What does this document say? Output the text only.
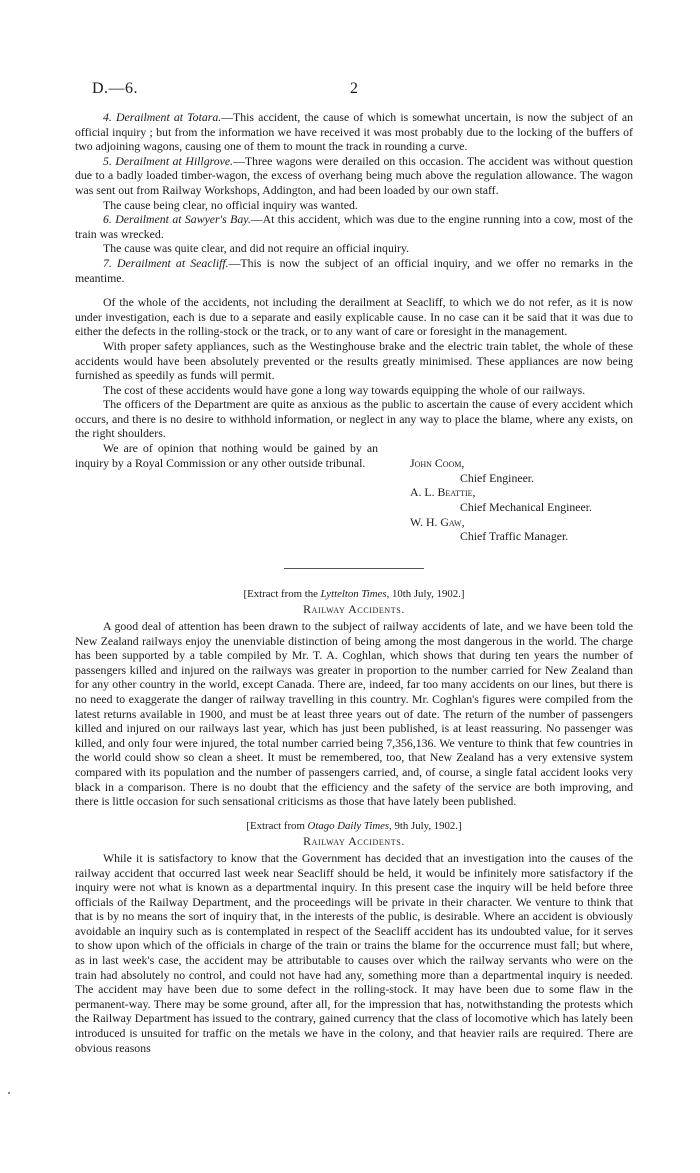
D.—6.	2

4. Derailment at Totara.—This accident, the cause of which is somewhat uncertain, is now the subject of an official inquiry ; but from the information we have received it was most probably due to the locking of the buffers of two adjoining wagons, causing one of them to mount the track in rounding a curve.

5. Derailment at Hillgrove.—Three wagons were derailed on this occasion. The accident was without question due to a badly loaded timber-wagon, the excess of overhang being much above the regulation allowance. The wagon was sent out from Railway Workshops, Addington, and had been loaded by our own staff.

The cause being clear, no official inquiry was wanted.

6. Derailment at Sawyer's Bay.—At this accident, which was due to the engine running into a cow, most of the train was wrecked.

The cause was quite clear, and did not require an official inquiry.

7. Derailment at Seacliff.—This is now the subject of an official inquiry, and we offer no remarks in the meantime.

Of the whole of the accidents, not including the derailment at Seacliff, to which we do not refer, as it is now under investigation, each is due to a separate and easily explicable cause. In no case can it be said that it was due to either the defects in the rolling-stock or the track, or to any want of care or foresight in the management.

With proper safety appliances, such as the Westinghouse brake and the electric train tablet, the whole of these accidents would have been absolutely prevented or the results greatly minimised. These appliances are now being furnished as speedily as funds will permit.

The cost of these accidents would have gone a long way towards equipping the whole of our railways.

The officers of the Department are quite as anxious as the public to ascertain the cause of every accident which occurs, and there is no desire to withhold information, or neglect in any way to place the blame, where any exists, on the right shoulders.

We are of opinion that nothing would be gained by an inquiry by a Royal Commission or any other outside tribunal.	John Coom,

Chief Engineer.

A. L. Beattie,

Chief Mechanical Engineer.

W. H. Gaw,

Chief Traffic Manager.

[Extract from the Lyttelton Times, 10th July, 1902.]

Railway Accidents.

A good deal of attention has been drawn to the subject of railway accidents of late, and we have been told the New Zealand railways enjoy the unenviable distinction of being among the most dangerous in the world. The charge has been supported by a table compiled by Mr. T. A. Coghlan, which shows that during ten years the number of passengers killed and injured on the railways was greater in proportion to the number carried for New Zealand than for any other country in the world, except Canada. There are, indeed, far too many accidents on our lines, but there is no need to exaggerate the danger of railway travelling in this country. Mr. Coghlan's figures were compiled from the latest returns available in 1900, and must be at least three years out of date. The return of the number of passengers killed and injured on our railways last year, which has just been published, is at least reassuring. No passenger was killed, and only four were injured, the total number carried being 7,356,136. We venture to think that few countries in the world could show so clean a sheet. It must be remembered, too, that New Zealand has a very extensive system compared with its population and the number of passengers carried, and, of course, a single fatal accident looks very black in a comparison. There is no doubt that the efficiency and the safety of the service are both improving, and there is little occasion for such sensational criticisms as those that have lately been published.

[Extract from Otago Daily Times, 9th July, 1902.]

Railway Accidents.

While it is satisfactory to know that the Government has decided that an investigation into the causes of the railway accident that occurred last week near Seacliff should be held, it would be infinitely more satisfactory if the inquiry were not what is known as a departmental inquiry. In this present case the inquiry will be held before three officials of the Railway Department, and the proceedings will be private in their character. We venture to think that that is by no means the sort of inquiry that, in the interests of the public, is desirable. Where an accident is obviously avoidable an inquiry such as is contemplated in respect of the Seacliff accident has its undoubted value, for it serves to show upon which of the officials in charge of the train or trains the blame for the occurrence must fall; but where, as in last week's case, the accident may be attributable to causes over which the railway servants who were on the train had absolutely no control, and could not have had any, something more than a departmental inquiry is needed. The accident may have been due to some defect in the rolling-stock. It may have been due to some flaw in the permanent-way. There may be some ground, after all, for the impression that has, notwithstanding the protests which the Railway Department has issued to the contrary, gained currency that the class of locomotive which has lately been introduced is unsuited for traffic on the metals we have in the colony, and that heavier rails are required. There are obvious reasons
